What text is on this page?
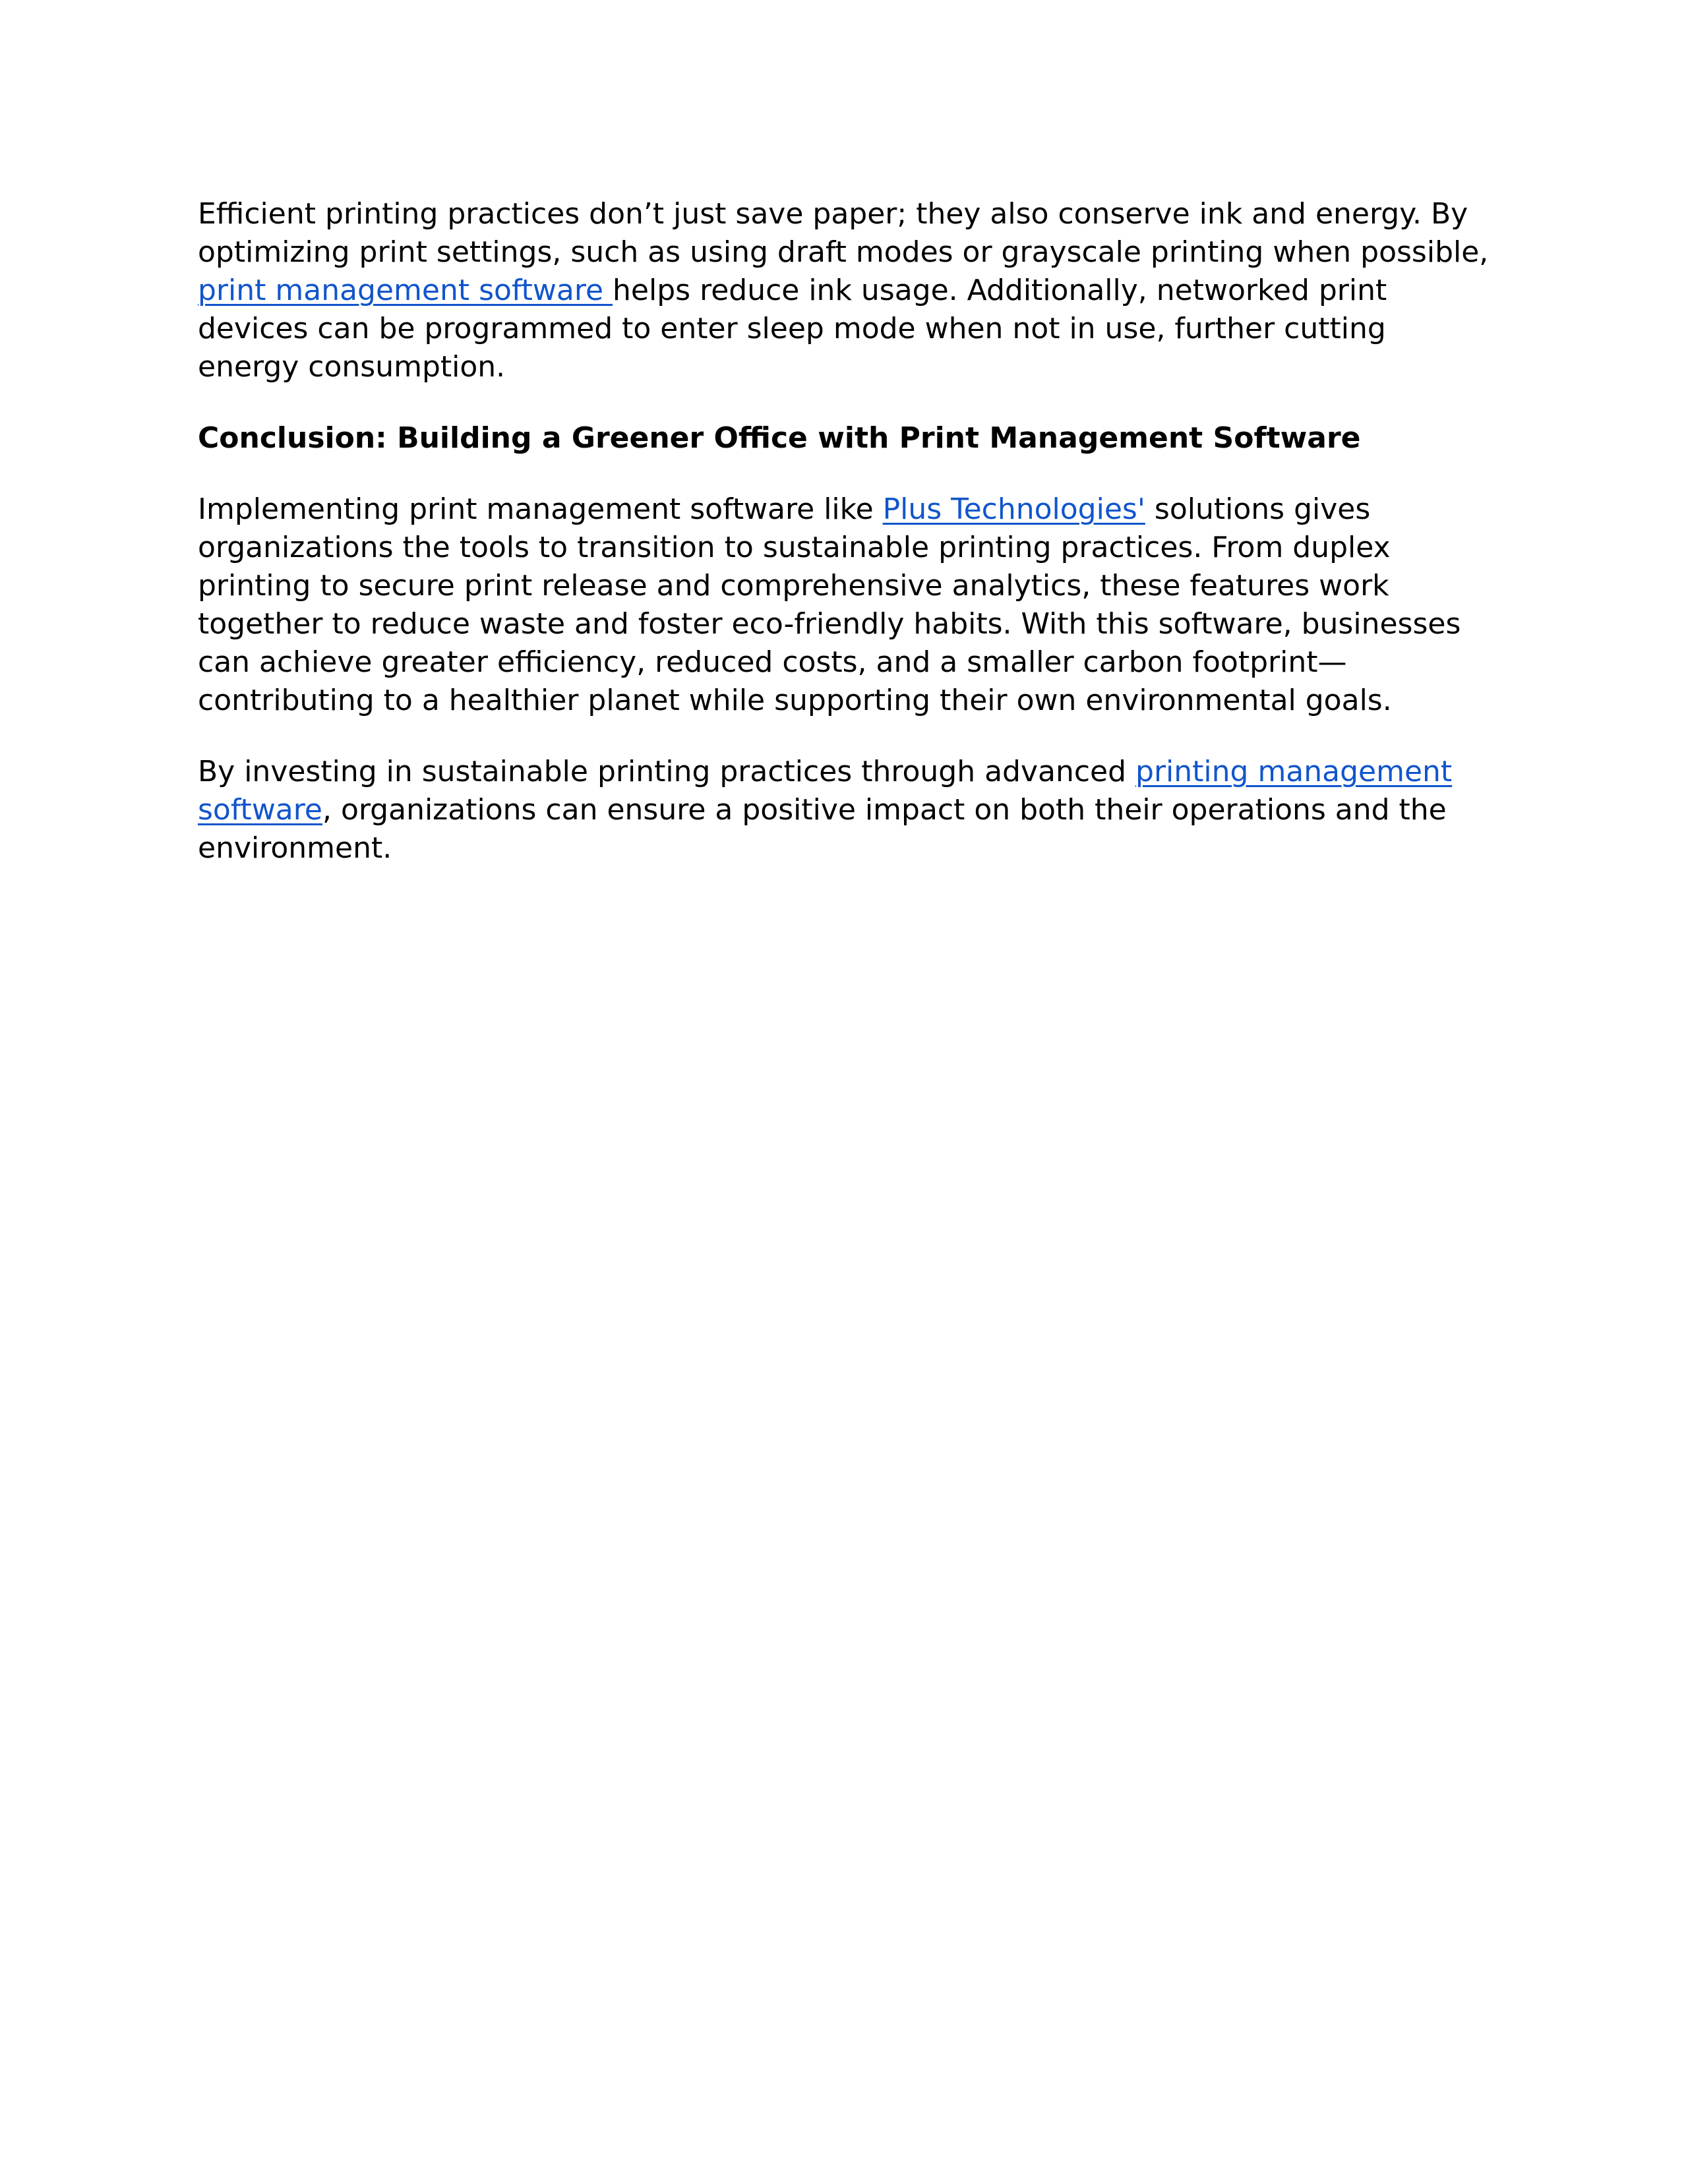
Efficient printing practices don’t just save paper; they also conserve ink and energy. By optimizing print settings, such as using draft modes or grayscale printing when possible, print management software helps reduce ink usage. Additionally, networked print devices can be programmed to enter sleep mode when not in use, further cutting energy consumption.

Conclusion: Building a Greener Office with Print Management Software

Implementing print management software like Plus Technologies' solutions gives organizations the tools to transition to sustainable printing practices. From duplex printing to secure print release and comprehensive analytics, these features work together to reduce waste and foster eco-friendly habits. With this software, businesses can achieve greater efficiency, reduced costs, and a smaller carbon footprint—contributing to a healthier planet while supporting their own environmental goals.

By investing in sustainable printing practices through advanced printing management software, organizations can ensure a positive impact on both their operations and the environment.
